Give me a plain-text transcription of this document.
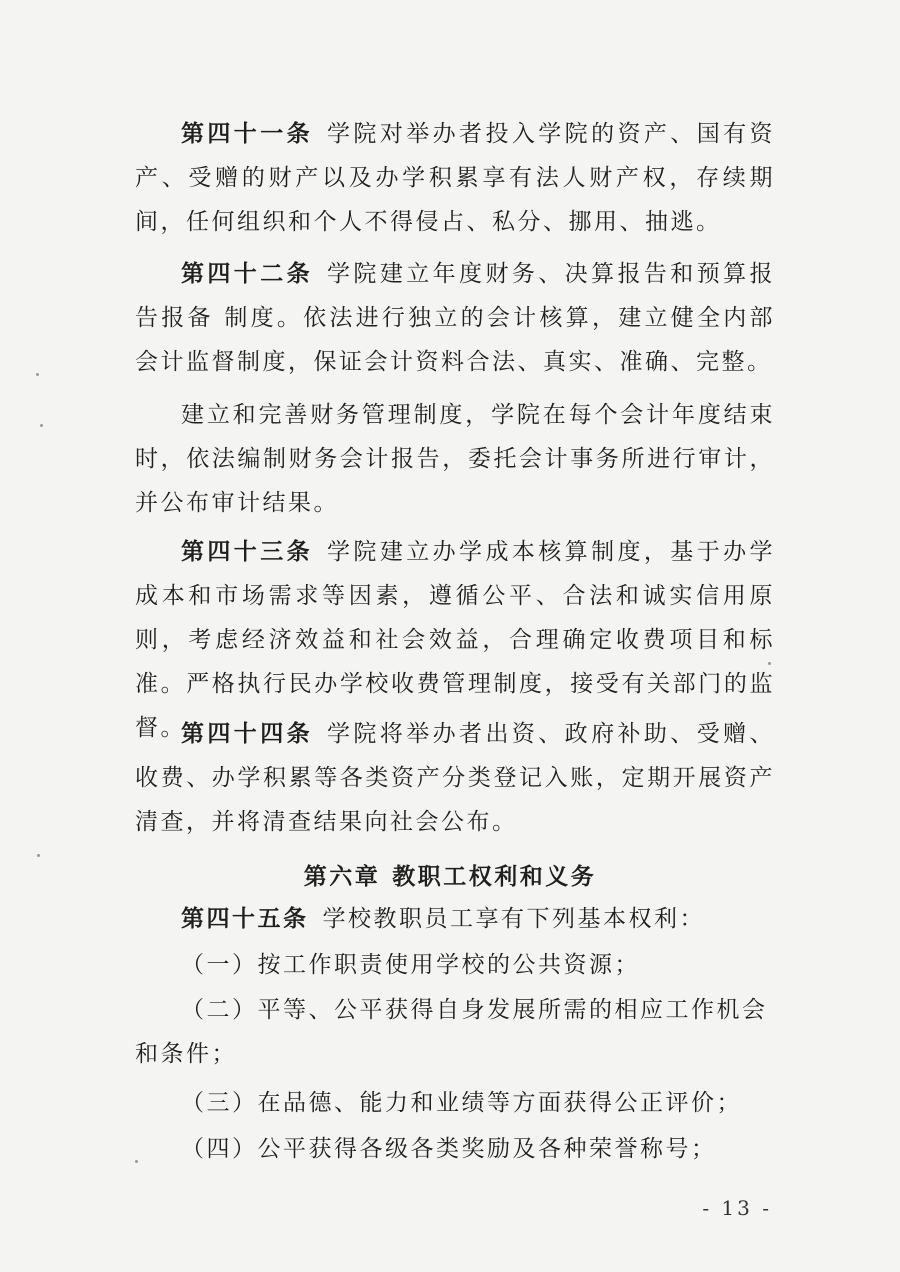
第四十一条 学院对举办者投入学院的资产、国有资产、受赠的财产以及办学积累享有法人财产权，存续期间，任何组织和个人不得侵占、私分、挪用、抽逃。

第四十二条 学院建立年度财务、决算报告和预算报告报备 制度。依法进行独立的会计核算，建立健全内部会计监督制度，保证会计资料合法、真实、准确、完整。

建立和完善财务管理制度，学院在每个会计年度结束时，依法编制财务会计报告，委托会计事务所进行审计，并公布审计结果。

第四十三条 学院建立办学成本核算制度，基于办学成本和市场需求等因素，遵循公平、合法和诚实信用原则，考虑经济效益和社会效益，合理确定收费项目和标准。严格执行民办学校收费管理制度，接受有关部门的监督。

第四十四条 学院将举办者出资、政府补助、受赠、收费、办学积累等各类资产分类登记入账，定期开展资产清查，并将清查结果向社会公布。

第六章 教职工权利和义务

第四十五条 学校教职员工享有下列基本权利：

（一）按工作职责使用学校的公共资源；

（二）平等、公平获得自身发展所需的相应工作机会和条件；

（三）在品德、能力和业绩等方面获得公正评价；

（四）公平获得各级各类奖励及各种荣誉称号；

- 13 -
